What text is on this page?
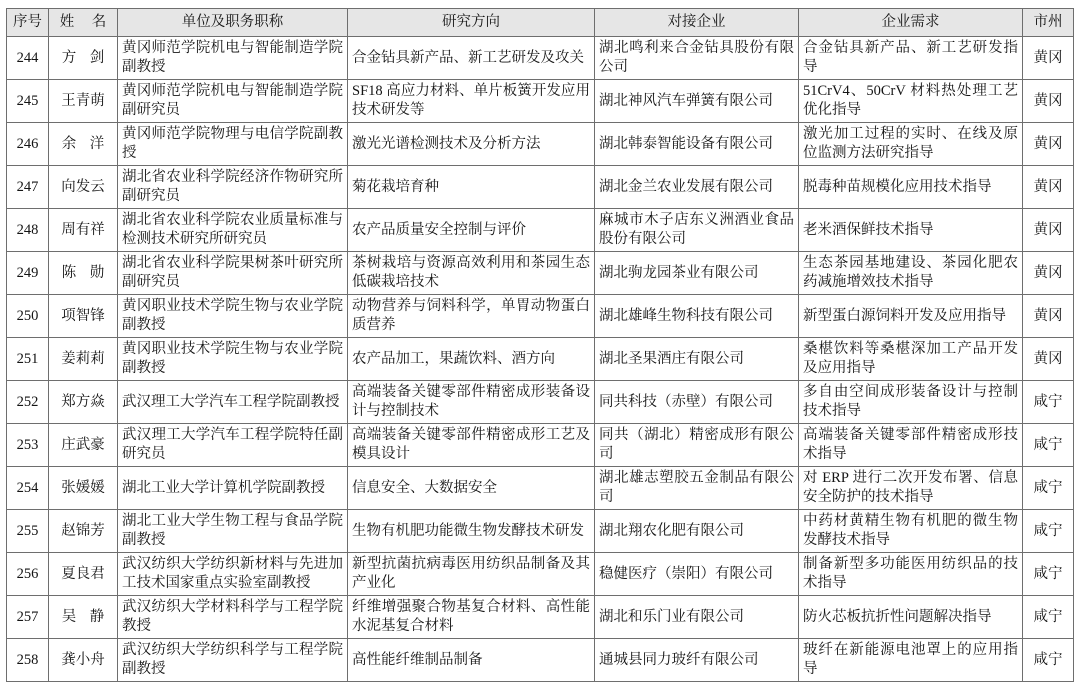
序号	姓 名	单位及职务职称	研究方向	对接企业	企业需求	市州
244	方 剑	黄冈师范学院机电与智能制造学院副教授	合金钻具新产品、新工艺研发及攻关	湖北鸣利来合金钻具股份有限公司	合金钻具新产品、新工艺研发指导	黄冈
245	王青萌	黄冈师范学院机电与智能制造学院副研究员	SF18 高应力材料、单片板簧开发应用技术研发等	湖北神风汽车弹簧有限公司	51CrV4、50CrV 材料热处理工艺优化指导	黄冈
246	余 洋	黄冈师范学院物理与电信学院副教授	激光光谱检测技术及分析方法	湖北韩泰智能设备有限公司	激光加工过程的实时、在线及原位监测方法研究指导	黄冈
247	向发云	湖北省农业科学院经济作物研究所副研究员	菊花栽培育种	湖北金兰农业发展有限公司	脱毒种苗规模化应用技术指导	黄冈
248	周有祥	湖北省农业科学院农业质量标准与检测技术研究所研究员	农产品质量安全控制与评价	麻城市木子店东义洲酒业食品股份有限公司	老米酒保鲜技术指导	黄冈
249	陈 勋	湖北省农业科学院果树茶叶研究所副研究员	茶树栽培与资源高效利用和茶园生态低碳栽培技术	湖北驹龙园茶业有限公司	生态茶园基地建设、茶园化肥农药减施增效技术指导	黄冈
250	项智锋	黄冈职业技术学院生物与农业学院副教授	动物营养与饲料科学，单胃动物蛋白质营养	湖北雄峰生物科技有限公司	新型蛋白源饲料开发及应用指导	黄冈
251	姜莉莉	黄冈职业技术学院生物与农业学院副教授	农产品加工，果蔬饮料、酒方向	湖北圣果酒庄有限公司	桑椹饮料等桑椹深加工产品开发及应用指导	黄冈
252	郑方焱	武汉理工大学汽车工程学院副教授	高端装备关键零部件精密成形装备设计与控制技术	同共科技（赤壁）有限公司	多自由空间成形装备设计与控制技术指导	咸宁
253	庄武豪	武汉理工大学汽车工程学院特任副研究员	高端装备关键零部件精密成形工艺及模具设计	同共（湖北）精密成形有限公司	高端装备关键零部件精密成形技术指导	咸宁
254	张媛媛	湖北工业大学计算机学院副教授	信息安全、大数据安全	湖北雄志塑胶五金制品有限公司	对 ERP 进行二次开发布署、信息安全防护的技术指导	咸宁
255	赵锦芳	湖北工业大学生物工程与食品学院副教授	生物有机肥功能微生物发酵技术研发	湖北翔农化肥有限公司	中药材黄精生物有机肥的微生物发酵技术指导	咸宁
256	夏良君	武汉纺织大学纺织新材料与先进加工技术国家重点实验室副教授	新型抗菌抗病毒医用纺织品制备及其产业化	稳健医疗（崇阳）有限公司	制备新型多功能医用纺织品的技术指导	咸宁
257	吴 静	武汉纺织大学材料科学与工程学院教授	纤维增强聚合物基复合材料、高性能水泥基复合材料	湖北和乐门业有限公司	防火芯板抗折性问题解决指导	咸宁
258	龚小舟	武汉纺织大学纺织科学与工程学院副教授	高性能纤维制品制备	通城县同力玻纤有限公司	玻纤在新能源电池罩上的应用指导	咸宁
